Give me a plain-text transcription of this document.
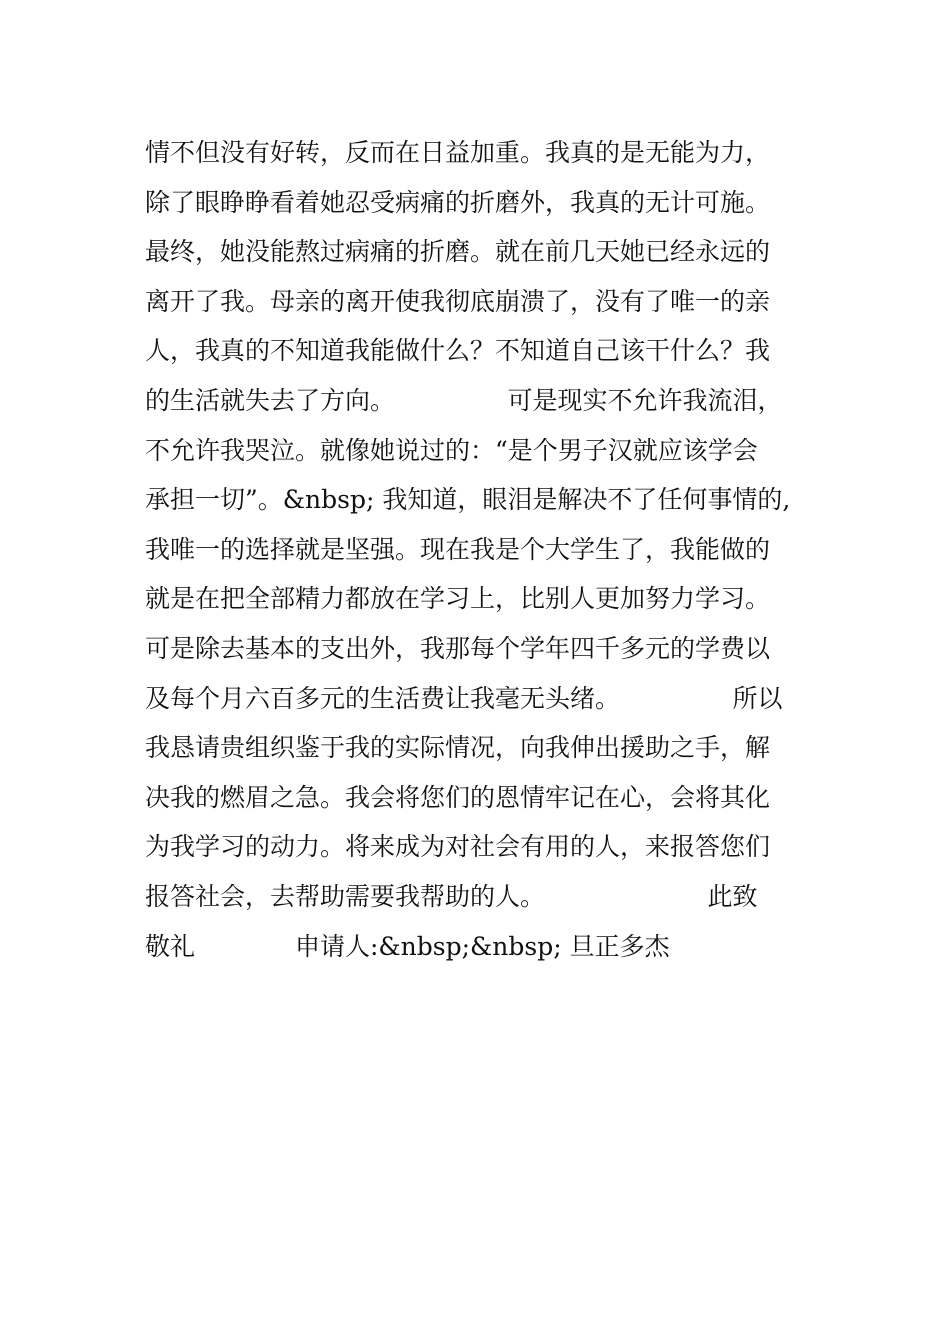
情不但没有好转，反而在日益加重。我真的是无能为力，
除了眼睁睁看着她忍受病痛的折磨外，我真的无计可施。
最终，她没能熬过病痛的折磨。就在前几天她已经永远的
离开了我。母亲的离开使我彻底崩溃了，没有了唯一的亲
人，我真的不知道我能做什么？不知道自己该干什么？我
的生活就失去了方向。　　　　　可是现实不允许我流泪，
不允许我哭泣。就像她说过的：“是个男子汉就应该学会
承担一切”。&nbsp; 我知道，眼泪是解决不了任何事情的,
我唯一的选择就是坚强。现在我是个大学生了，我能做的
就是在把全部精力都放在学习上，比别人更加努力学习。
可是除去基本的支出外，我那每个学年四千多元的学费以
及每个月六百多元的生活费让我毫无头绪。　　　　　所以
我恳请贵组织鉴于我的实际情况，向我伸出援助之手，解
决我的燃眉之急。我会将您们的恩情牢记在心，会将其化
为我学习的动力。将来成为对社会有用的人，来报答您们
报答社会，去帮助需要我帮助的人。　　　　　　　此致
敬礼　　　　申请人:&nbsp;&nbsp; 旦正多杰
